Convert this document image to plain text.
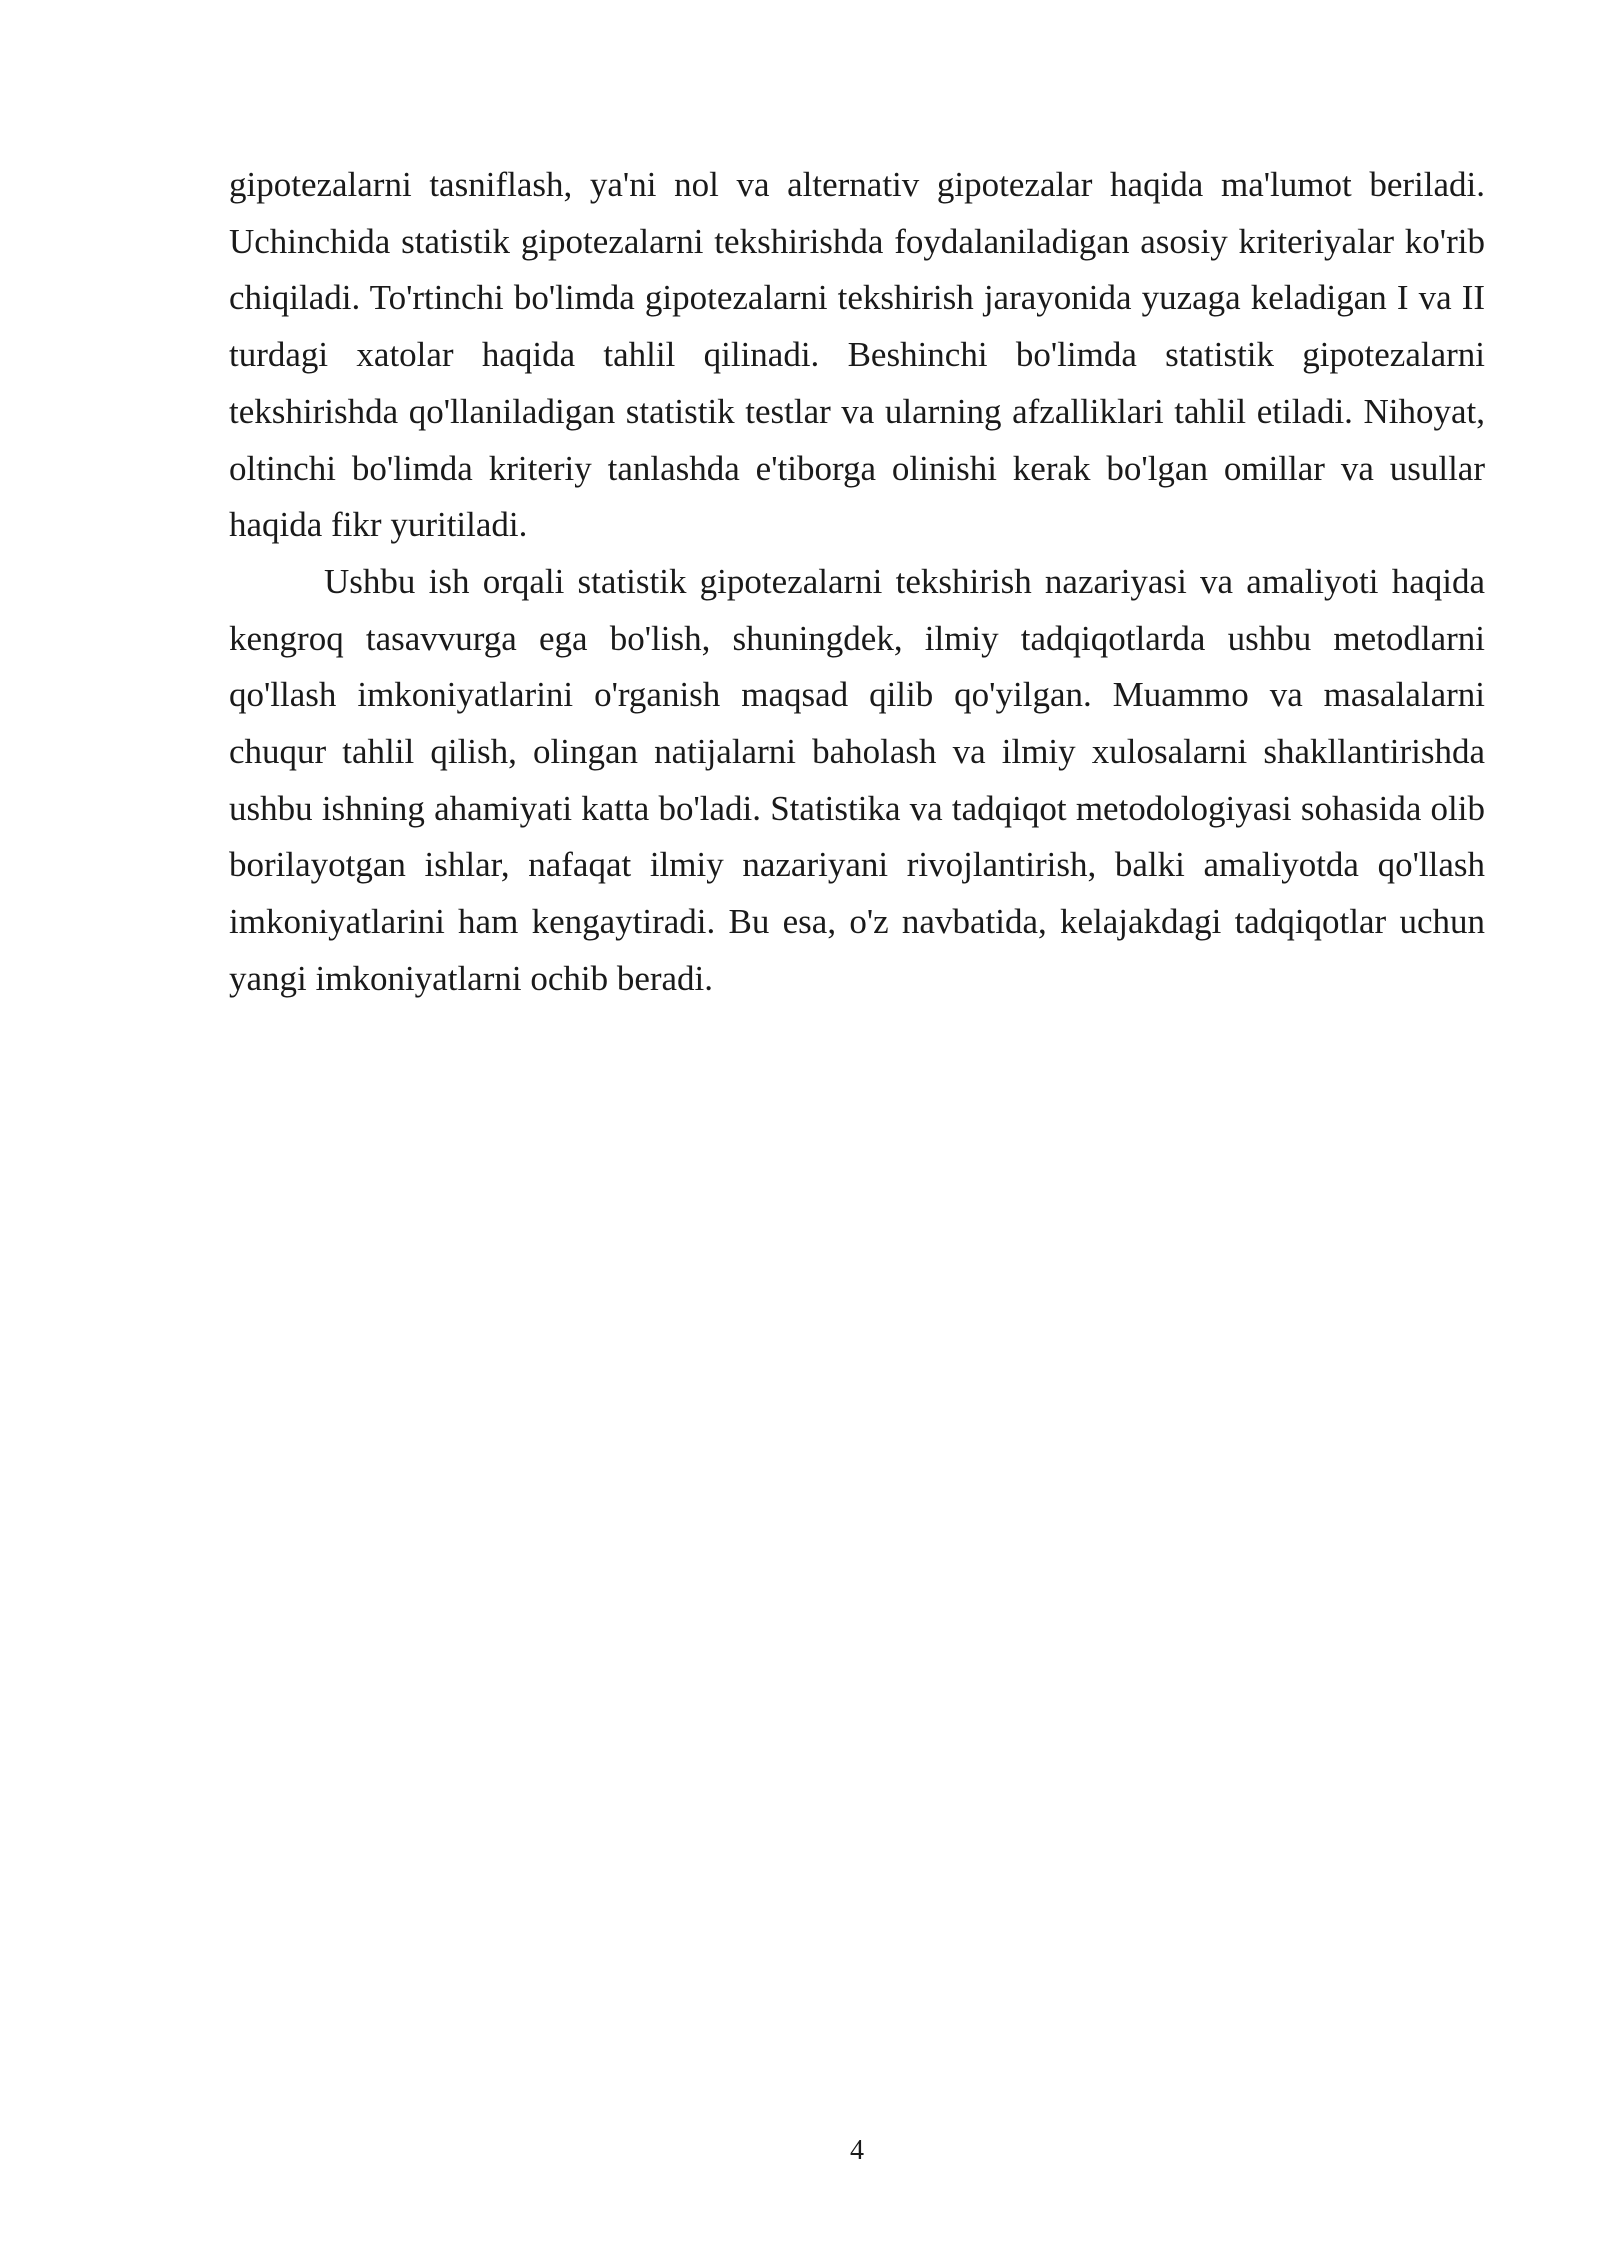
gipotezalarni tasniflash, ya'ni nol va alternativ gipotezalar haqida ma'lumot beriladi. Uchinchida statistik gipotezalarni tekshirishda foydalaniladigan asosiy kriteriyalar ko'rib chiqiladi. To'rtinchi bo'limda gipotezalarni tekshirish jarayonida yuzaga keladigan I va II turdagi xatolar haqida tahlil qilinadi. Beshinchi bo'limda statistik gipotezalarni tekshirishda qo'llaniladigan statistik testlar va ularning afzalliklari tahlil etiladi. Nihoyat, oltinchi bo'limda kriteriy tanlashda e'tiborga olinishi kerak bo'lgan omillar va usullar haqida fikr yuritiladi.

Ushbu ish orqali statistik gipotezalarni tekshirish nazariyasi va amaliyoti haqida kengroq tasavvurga ega bo'lish, shuningdek, ilmiy tadqiqotlarda ushbu metodlarni qo'llash imkoniyatlarini o'rganish maqsad qilib qo'yilgan. Muammo va masalalarni chuqur tahlil qilish, olingan natijalarni baholash va ilmiy xulosalarni shakllantirishda ushbu ishning ahamiyati katta bo'ladi. Statistika va tadqiqot metodologiyasi sohasida olib borilayotgan ishlar, nafaqat ilmiy nazariyani rivojlantirish, balki amaliyotda qo'llash imkoniyatlarini ham kengaytiradi. Bu esa, o'z navbatida, kelajakdagi tadqiqotlar uchun yangi imkoniyatlarni ochib beradi.

4
